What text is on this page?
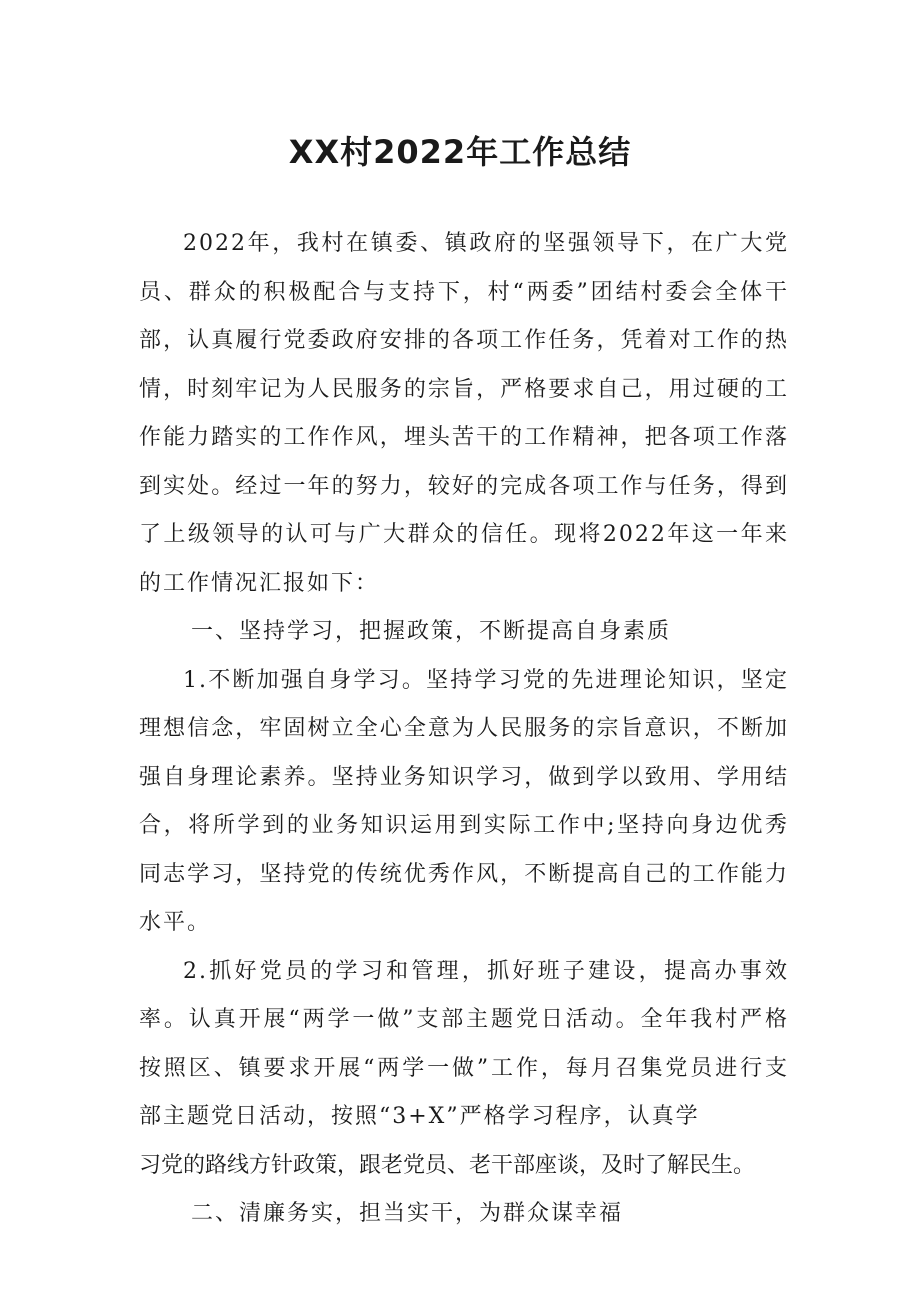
XX村2022年工作总结

2022年，我村在镇委、镇政府的坚强领导下，在广大党员、群众的积极配合与支持下，村“两委”团结村委会全体干部，认真履行党委政府安排的各项工作任务，凭着对工作的热情，时刻牢记为人民服务的宗旨，严格要求自己，用过硬的工作能力踏实的工作作风，埋头苦干的工作精神，把各项工作落到实处。经过一年的努力，较好的完成各项工作与任务，得到了上级领导的认可与广大群众的信任。现将2022年这一年来的工作情况汇报如下：

一、坚持学习，把握政策，不断提高自身素质

1.不断加强自身学习。坚持学习党的先进理论知识，坚定理想信念，牢固树立全心全意为人民服务的宗旨意识，不断加强自身理论素养。坚持业务知识学习，做到学以致用、学用结合，将所学到的业务知识运用到实际工作中;坚持向身边优秀同志学习，坚持党的传统优秀作风，不断提高自己的工作能力水平。

2.抓好党员的学习和管理，抓好班子建设，提高办事效率。认真开展“两学一做”支部主题党日活动。全年我村严格按照区、镇要求开展“两学一做”工作，每月召集党员进行支部主题党日活动，按照“3+X”严格学习程序，认真学

习党的路线方针政策，跟老党员、老干部座谈，及时了解民生。

二、清廉务实，担当实干，为群众谋幸福
